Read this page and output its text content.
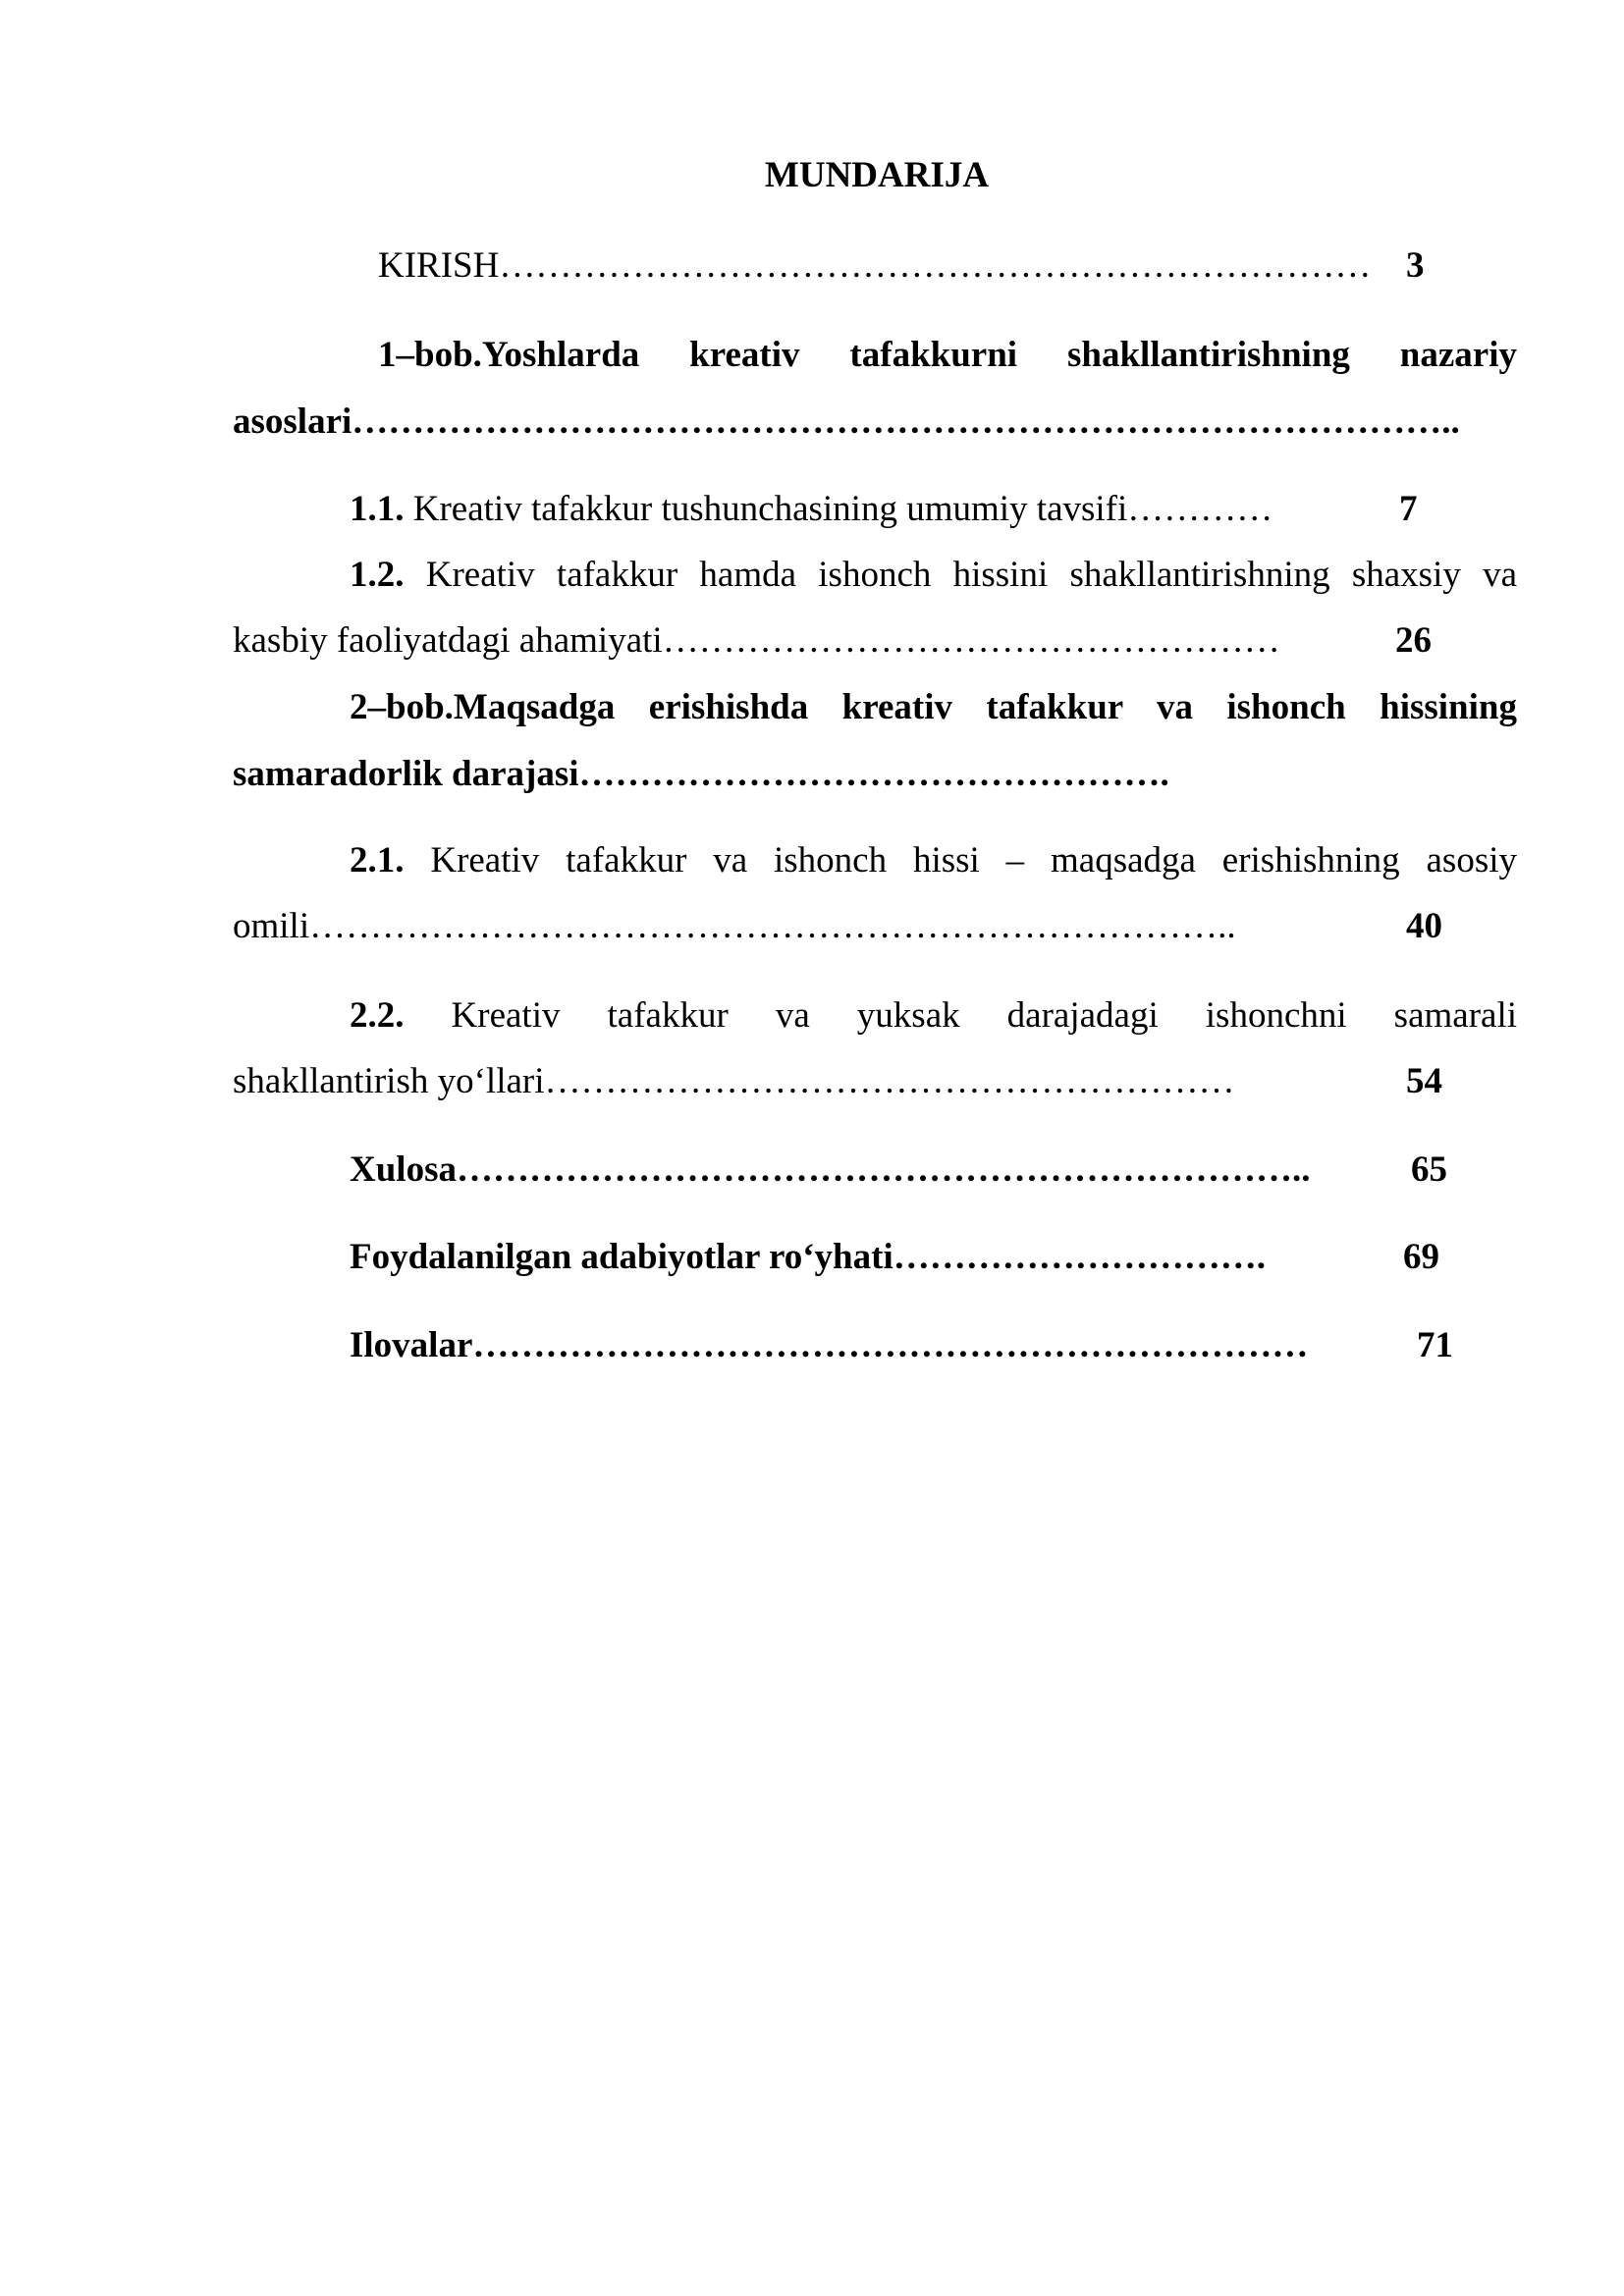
MUNDARIJA
KIRISH……………………………………………………………… 3
1–bob.Yoshlarda kreativ tafakkurni shakllantirishning nazariy
asoslari………………………………………………………………………………..
1.1. Kreativ tafakkur tushunchasining umumiy tavsifi…………	7
1.2. Kreativ tafakkur hamda ishonch hissini shakllantirishning shaxsiy va
kasbiy faoliyatdagi ahamiyati……………………………………………	26
2–bob.Maqsadga erishishda kreativ tafakkur va ishonch hissining
samaradorlik darajasi………………………………………….
2.1. Kreativ tafakkur va ishonch hissi – maqsadga erishishning asosiy
omili…………………………………………………………………..	40
2.2. Kreativ tafakkur va yuksak darajadagi ishonchni samarali
shakllantirish yo‘llari…………………………………………………	54
Xulosa……………………………………………………………..	65
Foydalanilgan adabiyotlar ro‘yhati………………………….	69
Ilovalar……………………………………………………………	71
